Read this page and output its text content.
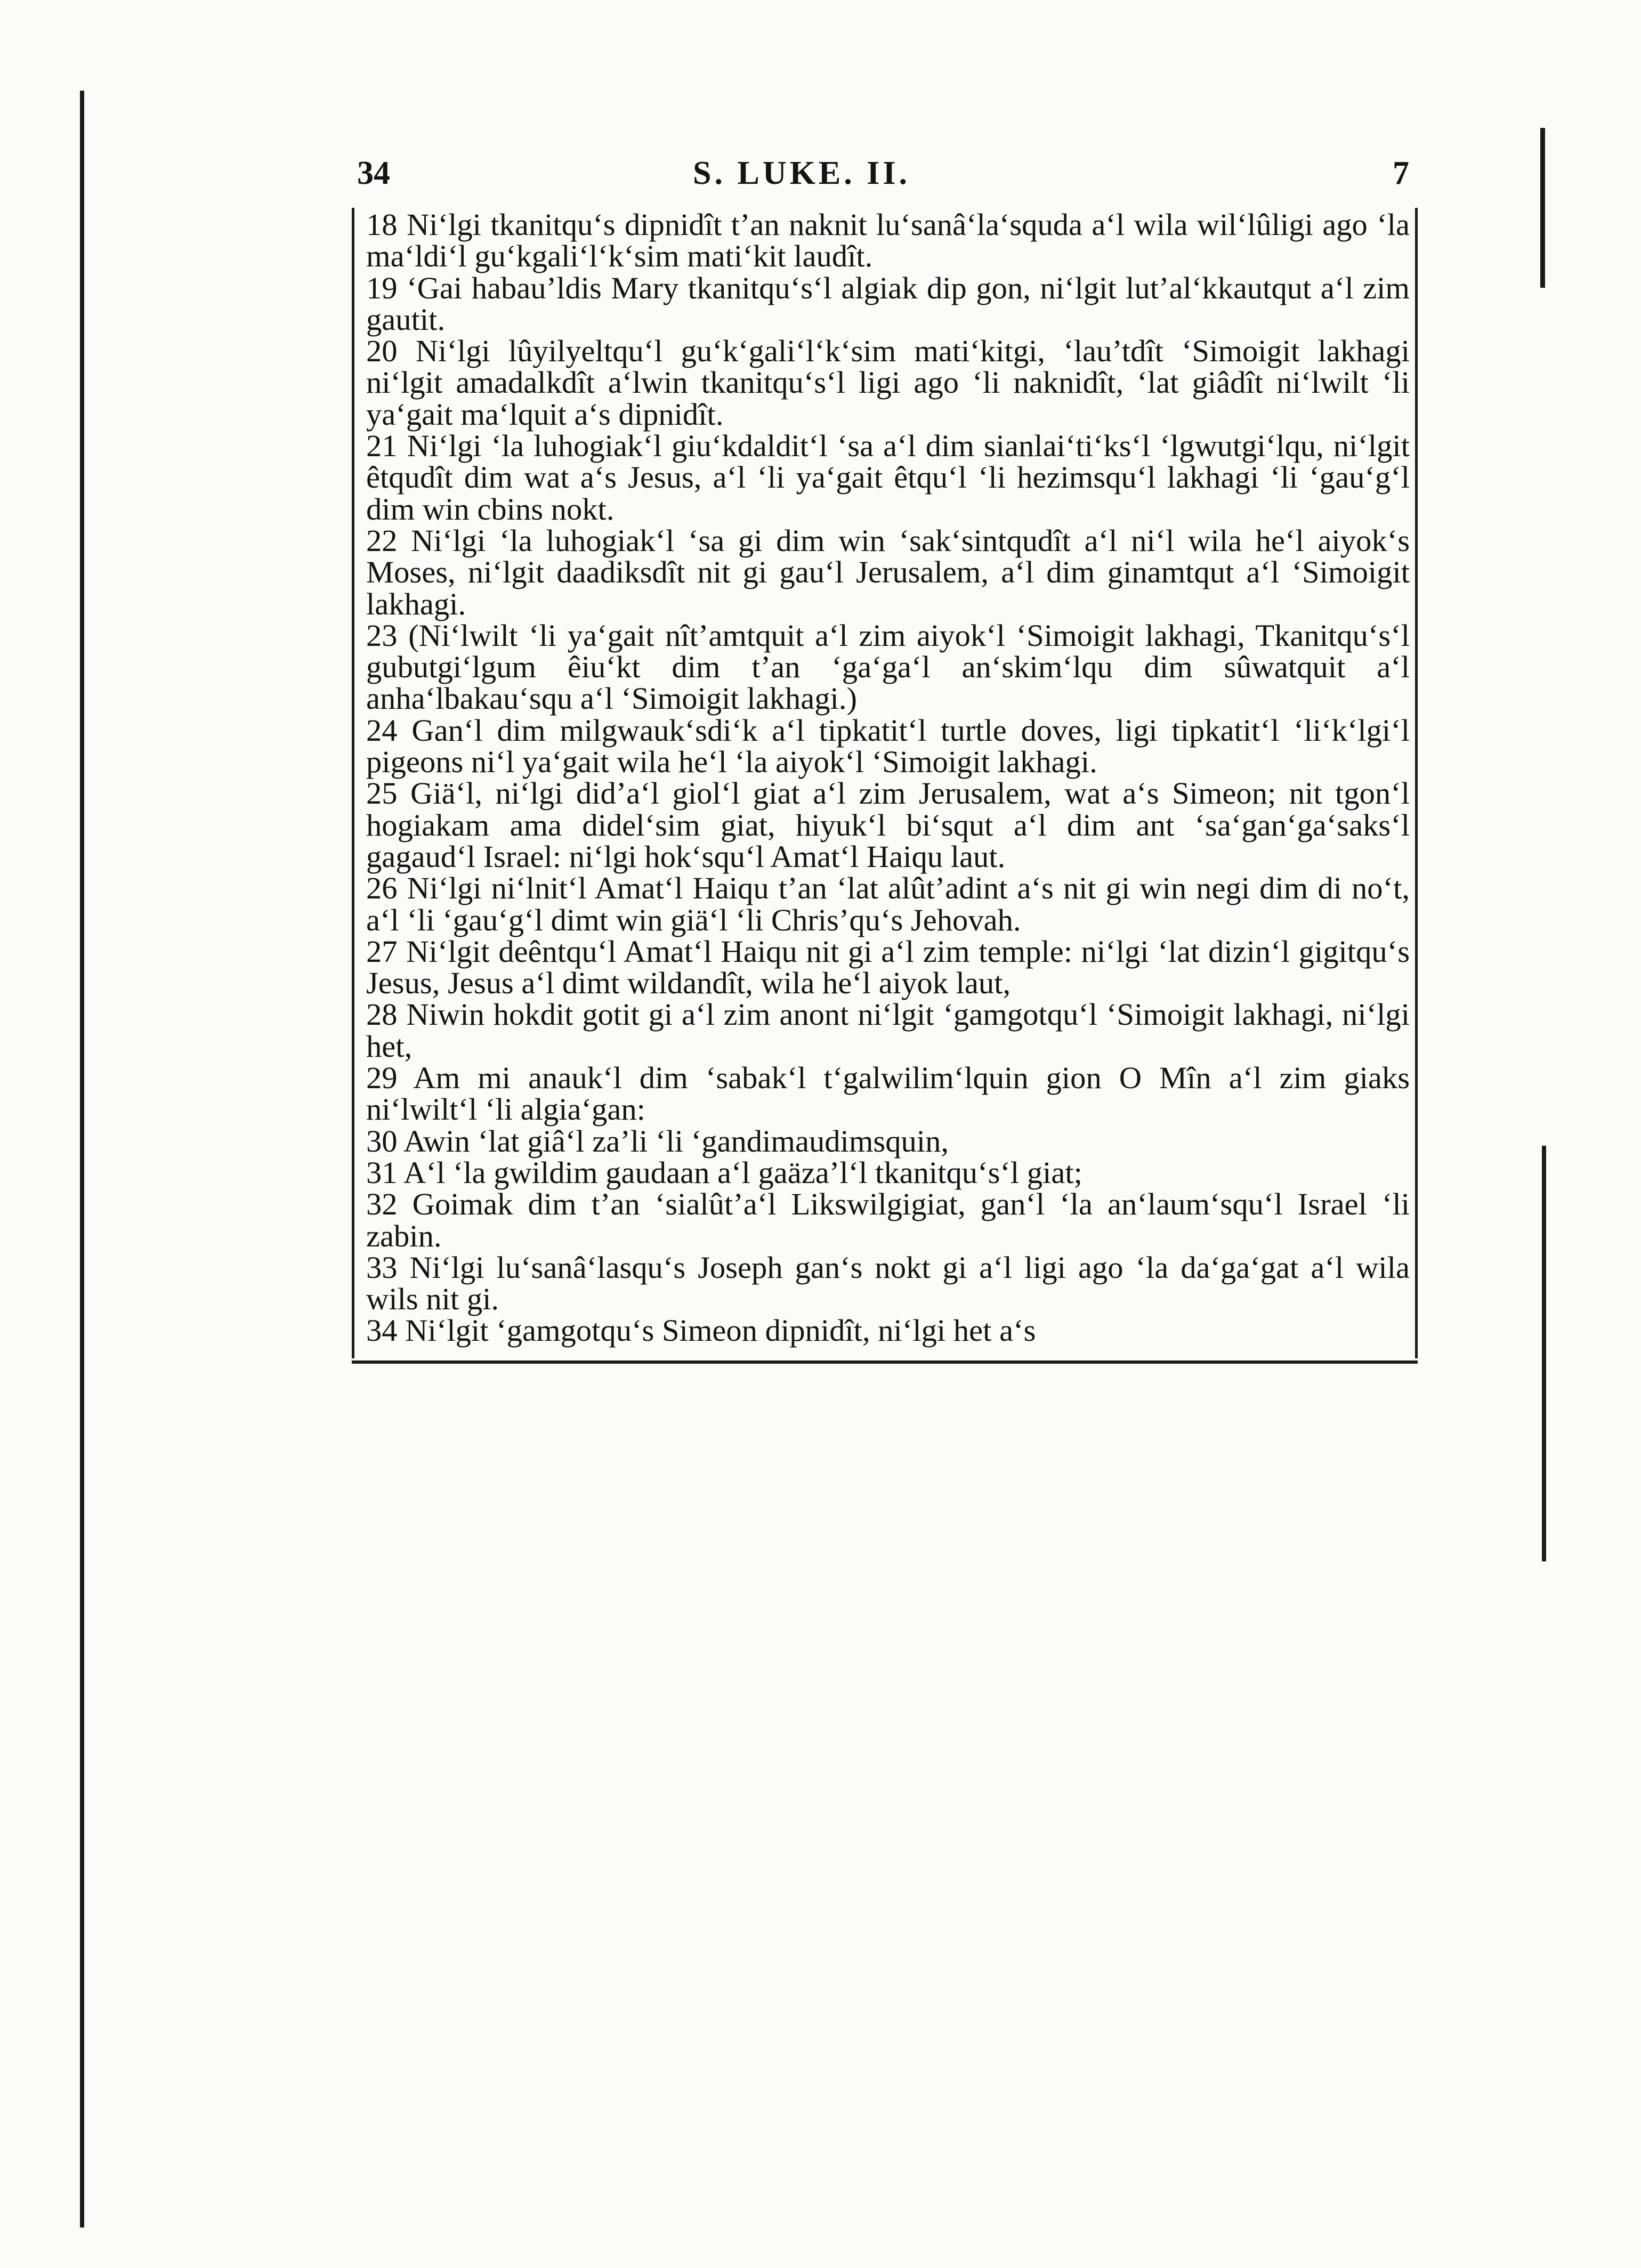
34	S. LUKE. II.	7

18 Ni‘lgi tkanitqu‘s dipnidît t’an naknit lu‘sanâ‘la‘squda a‘l wila wil‘lûligi ago ‘la ma‘ldi‘l gu‘kgali‘l‘k‘sim mati‘kit laudît.

19 ‘Gai habau’ldis Mary tkanitqu‘s‘l algiak dip gon, ni‘lgit lut’al‘kkautqut a‘l zim gautit.

20 Ni‘lgi lûyilyeltqu‘l gu‘k‘gali‘l‘k‘sim mati‘kitgi, ‘lau’tdît ‘Simoigit lakhagi ni‘lgit amadalkdît a‘lwin tkanitqu‘s‘l ligi ago ‘li naknidît, ‘lat giâdît ni‘lwilt ‘li ya‘gait ma‘lquit a‘s dipnidît.

21 Ni‘lgi ‘la luhogiak‘l giu‘kdaldit‘l ‘sa a‘l dim sianlai‘ti‘ks‘l ‘lgwutgi‘lqu, ni‘lgit êtqudît dim wat a‘s Jesus, a‘l ‘li ya‘gait êtqu‘l ‘li hezimsqu‘l lakhagi ‘li ‘gau‘g‘l dim win cbins nokt.

22 Ni‘lgi ‘la luhogiak‘l ‘sa gi dim win ‘sak‘sintqudît a‘l ni‘l wila he‘l aiyok‘s Moses, ni‘lgit daadiksdît nit gi gau‘l Jerusalem, a‘l dim ginamtqut a‘l ‘Simoigit lakhagi.

23 (Ni‘lwilt ‘li ya‘gait nît’amtquit a‘l zim aiyok‘l ‘Simoigit lakhagi, Tkanitqu‘s‘l gubutgi‘lgum êiu‘kt dim t’an ‘ga‘ga‘l an‘skim‘lqu dim sûwatquit a‘l anha‘lbakau‘squ a‘l ‘Simoigit lakhagi.)

24 Gan‘l dim milgwauk‘sdi‘k a‘l tipkatit‘l turtle doves, ligi tipkatit‘l ‘li‘k‘lgi‘l pigeons ni‘l ya‘gait wila he‘l ‘la aiyok‘l ‘Simoigit lakhagi.

25 Giä‘l, ni‘lgi did’a‘l giol‘l giat a‘l zim Jerusalem, wat a‘s Simeon; nit tgon‘l hogiakam ama didel‘sim giat, hiyuk‘l bi‘squt a‘l dim ant ‘sa‘gan‘ga‘saks‘l gagaud‘l Israel: ni‘lgi hok‘squ‘l Amat‘l Haiqu laut.

26 Ni‘lgi ni‘lnit‘l Amat‘l Haiqu t’an ‘lat alût’adint a‘s nit gi win negi dim di no‘t, a‘l ‘li ‘gau‘g‘l dimt win giä‘l ‘li Chris’qu‘s Jehovah.

27 Ni‘lgit deêntqu‘l Amat‘l Haiqu nit gi a‘l zim temple: ni‘lgi ‘lat dizin‘l gigitqu‘s Jesus, Jesus a‘l dimt wildandît, wila he‘l aiyok laut,

28 Niwin hokdit gotit gi a‘l zim anont ni‘lgit ‘gamgotqu‘l ‘Simoigit lakhagi, ni‘lgi het,

29 Am mi anauk‘l dim ‘sabak‘l t‘galwilim‘lquin gion O Mîn a‘l zim giaks ni‘lwilt‘l ‘li algia‘gan:

30 Awin ‘lat giâ‘l za’li ‘li ‘gandimaudimsquin,

31 A‘l ‘la gwildim gaudaan a‘l gaäza’l‘l tkanitqu‘s‘l giat;

32 Goimak dim t’an ‘sialût’a‘l Likswilgigiat, gan‘l ‘la an‘laum‘squ‘l Israel ‘li zabin.

33 Ni‘lgi lu‘sanâ‘lasqu‘s Joseph gan‘s nokt gi a‘l ligi ago ‘la da‘ga‘gat a‘l wila wils nit gi.

34 Ni‘lgit ‘gamgotqu‘s Simeon dipnidît, ni‘lgi het a‘s
